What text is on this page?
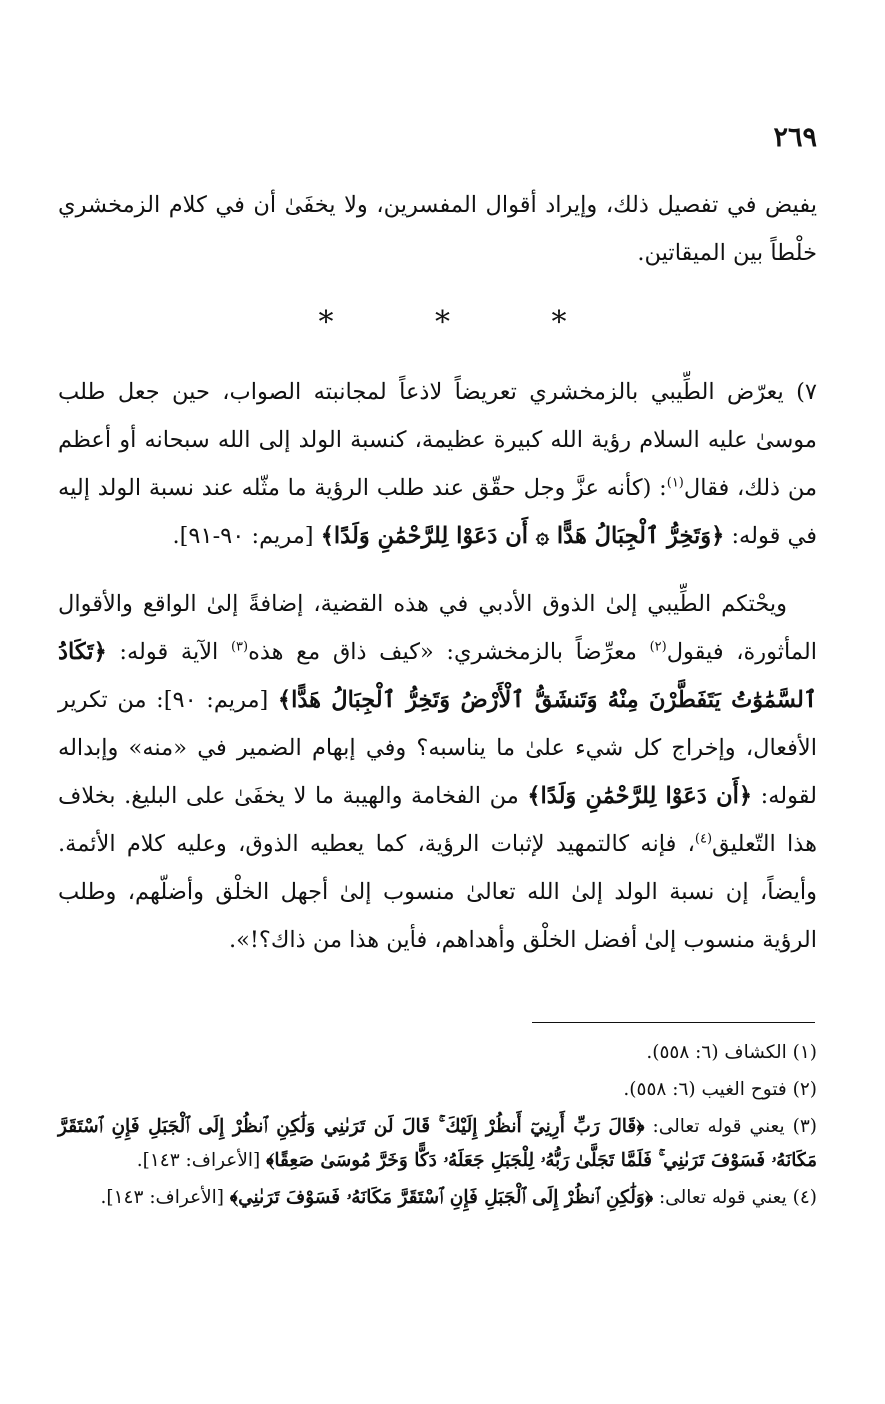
٢٦٩

يفيض في تفصيل ذلك، وإيراد أقوال المفسرين، ولا يخفَىٰ أن في كلام الزمخشري خلْطاً بين الميقاتين.

* * *

٧) يعرّض الطِّيبي بالزمخشري تعريضاً لاذعاً لمجانبته الصواب، حين جعل طلب موسىٰ عليه السلام رؤية الله كبيرة عظيمة، كنسبة الولد إلى الله سبحانه أو أعظم من ذلك، فقال$^{(١)}$: (كأنه عزَّ وجل حقّق عند طلب الرؤية ما مثّله عند نسبة الولد إليه في قوله: ﴿وَتَخِرُّ ٱلْجِبَالُ هَدًّا ۞ أَن دَعَوْا لِلرَّحْمَٰنِ وَلَدًا﴾ [مريم: ٩٠-٩١].

ويحْتكم الطِّيبي إلىٰ الذوق الأدبي في هذه القضية، إضافةً إلىٰ الواقع والأقوال المأثورة، فيقول$^{(٢)}$ معرِّضاً بالزمخشري: «كيف ذاق مع هذه$^{(٣)}$ الآية قوله: ﴿تَكَادُ ٱلسَّمَٰوَٰتُ يَتَفَطَّرْنَ مِنْهُ وَتَنشَقُّ ٱلْأَرْضُ وَتَخِرُّ ٱلْجِبَالُ هَدًّا﴾ [مريم: ٩٠]: من تكرير الأفعال، وإخراج كل شيء علىٰ ما يناسبه؟ وفي إبهام الضمير في «منه» وإبداله لقوله: ﴿أَن دَعَوْا لِلرَّحْمَٰنِ وَلَدًا﴾ من الفخامة والهيبة ما لا يخفَىٰ على البليغ. بخلاف هذا التّعليق$^{(٤)}$، فإنه كالتمهيد لإثبات الرؤية، كما يعطيه الذوق، وعليه كلام الأئمة. وأيضاً، إن نسبة الولد إلىٰ الله تعالىٰ منسوب إلىٰ أجهل الخلْق وأضلّهم، وطلب الرؤية منسوب إلىٰ أفضل الخلْق وأهداهم، فأين هذا من ذاك؟!».

(١) الكشاف (٦: ٥٥٨).

(٢) فتوح الغيب (٦: ٥٥٨).

(٣) يعني قوله تعالى: ﴿قَالَ رَبِّ أَرِنِيٓ أَنظُرْ إِلَيْكَ ۚ قَالَ لَن تَرَىٰنِي وَلَٰكِنِ ٱنظُرْ إِلَى ٱلْجَبَلِ فَإِنِ ٱسْتَقَرَّ مَكَانَهُۥ فَسَوْفَ تَرَىٰنِي ۚ فَلَمَّا تَجَلَّىٰ رَبُّهُۥ لِلْجَبَلِ جَعَلَهُۥ دَكًّا وَخَرَّ مُوسَىٰ صَعِقًا﴾ [الأعراف: ١٤٣].

(٤) يعني قوله تعالى: ﴿وَلَٰكِنِ ٱنظُرْ إِلَى ٱلْجَبَلِ فَإِنِ ٱسْتَقَرَّ مَكَانَهُۥ فَسَوْفَ تَرَىٰنِي﴾ [الأعراف: ١٤٣].
